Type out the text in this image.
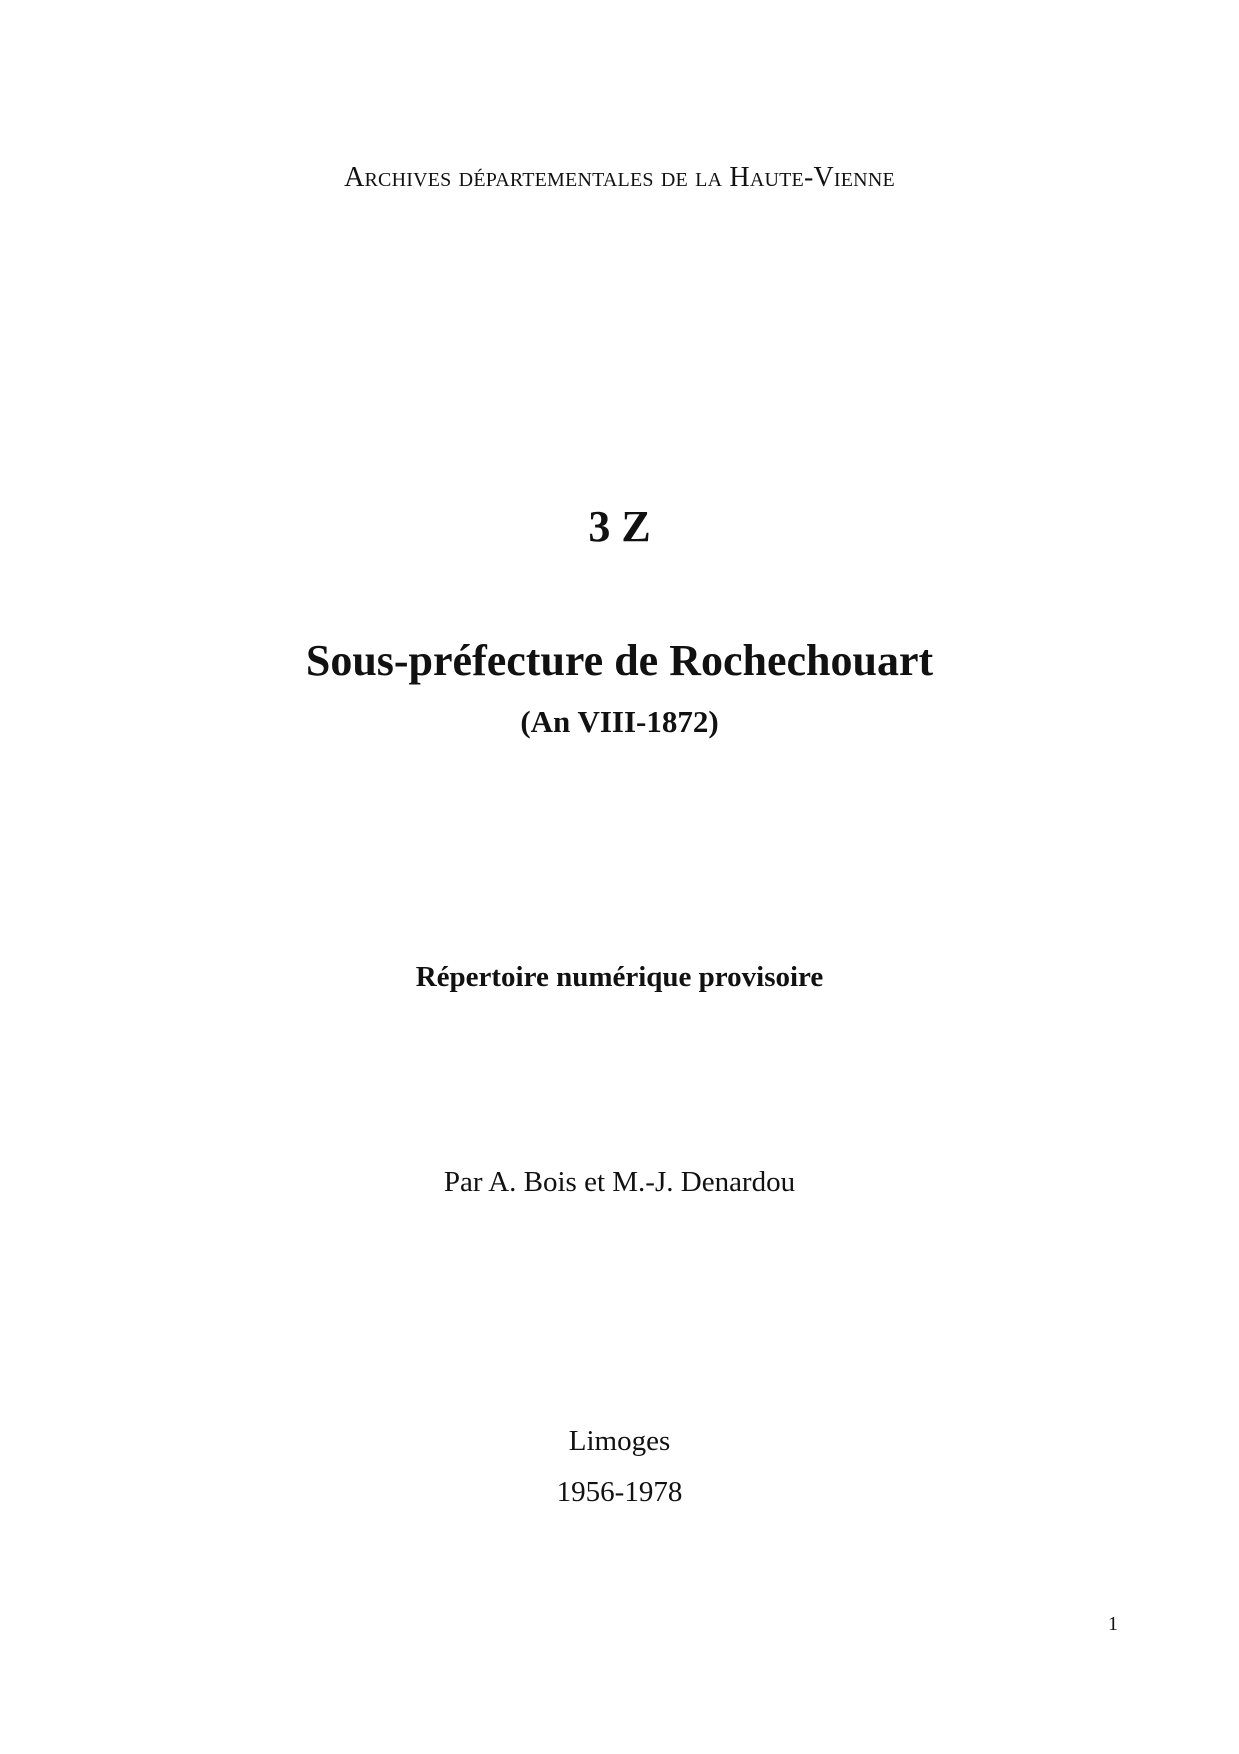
Archives départementales de la Haute-Vienne
3 Z
Sous-préfecture de Rochechouart
(An VIII-1872)
Répertoire numérique provisoire
Par A. Bois et M.-J. Denardou
Limoges
1956-1978
1
